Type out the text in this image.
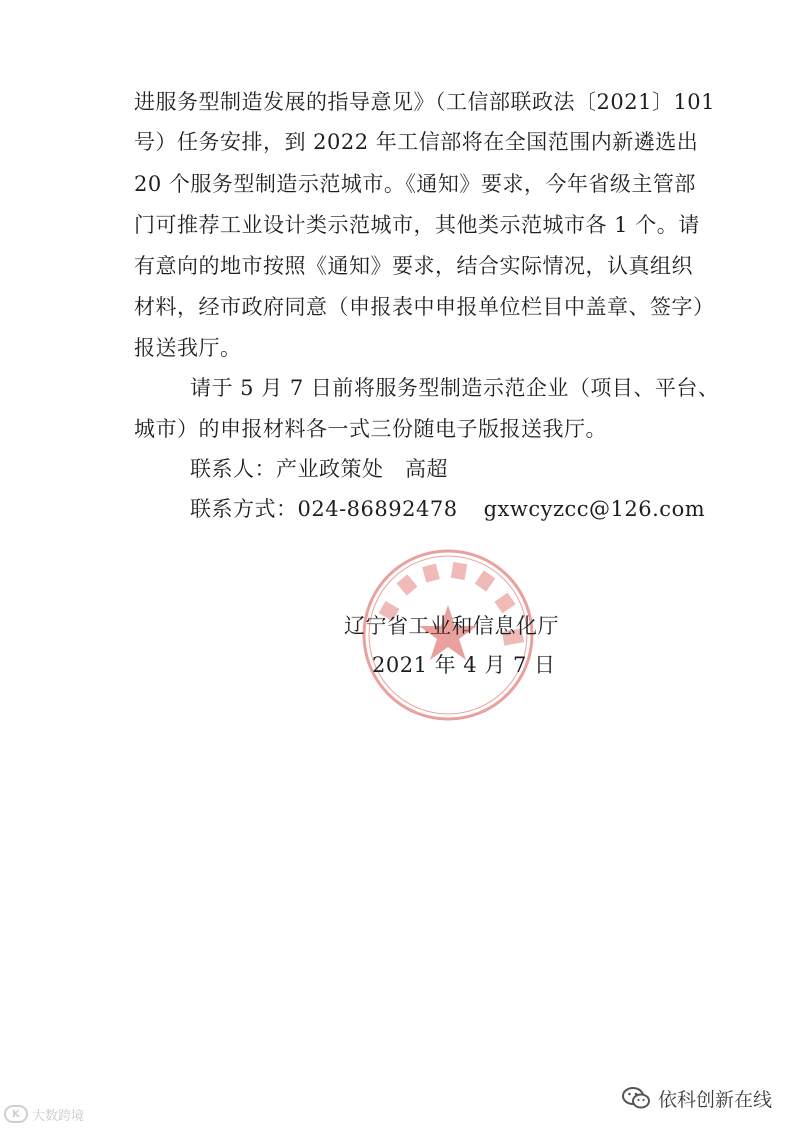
进服务型制造发展的指导意见》（工信部联政法〔2021〕101
号）任务安排，到 2022 年工信部将在全国范围内新遴选出
20 个服务型制造示范城市。《通知》要求，今年省级主管部
门可推荐工业设计类示范城市，其他类示范城市各 1 个。请
有意向的地市按照《通知》要求，结合实际情况，认真组织
材料，经市政府同意（申报表中申报单位栏目中盖章、签字）
报送我厅。
请于 5 月 7 日前将服务型制造示范企业（项目、平台、
城市）的申报材料各一式三份随电子版报送我厅。
联系人：产业政策处　高超
联系方式：024-86892478 gxwcyzcc@126.com
辽宁省工业和信息化厅
2021 年 4 月 7 日
K 大数跨境
依科创新在线
